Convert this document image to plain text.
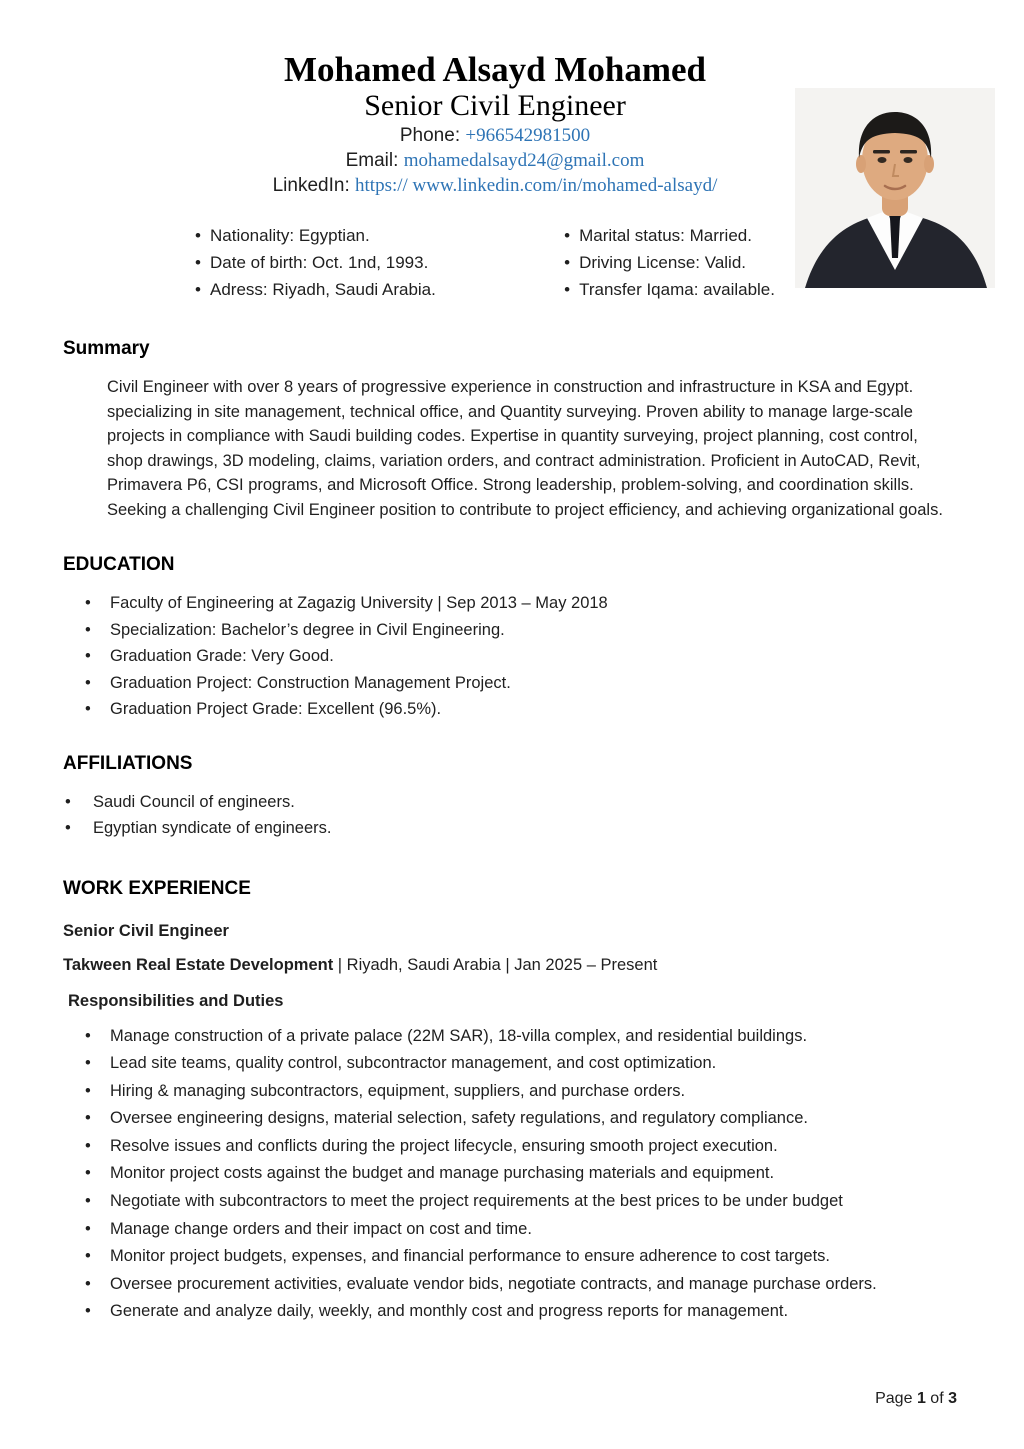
Mohamed Alsayd Mohamed
Senior Civil Engineer
Phone: +966542981500
Email: mohamedalsayd24@gmail.com
LinkedIn: https:// www.linkedin.com/in/mohamed-alsayd/
• Nationality: Egyptian.
• Date of birth: Oct. 1nd, 1993.
• Adress: Riyadh, Saudi Arabia.
• Marital status: Married.
• Driving License: Valid.
• Transfer Iqama: available.
Summary

Civil Engineer with over 8 years of progressive experience in construction and infrastructure in KSA and Egypt. specializing in site management, technical office, and Quantity surveying. Proven ability to manage large-scale projects in compliance with Saudi building codes. Expertise in quantity surveying, project planning, cost control, shop drawings, 3D modeling, claims, variation orders, and contract administration. Proficient in AutoCAD, Revit, Primavera P6, CSI programs, and Microsoft Office. Strong leadership, problem-solving, and coordination skills. Seeking a challenging Civil Engineer position to contribute to project efficiency, and achieving organizational goals.

EDUCATION
• Faculty of Engineering at Zagazig University | Sep 2013 – May 2018
• Specialization: Bachelor’s degree in Civil Engineering.
• Graduation Grade: Very Good.
• Graduation Project: Construction Management Project.
• Graduation Project Grade: Excellent (96.5%).
AFFILIATIONS
• Saudi Council of engineers.
• Egyptian syndicate of engineers.
WORK EXPERIENCE
Senior Civil Engineer
Takween Real Estate Development | Riyadh, Saudi Arabia | Jan 2025 – Present
Responsibilities and Duties
• Manage construction of a private palace (22M SAR), 18-villa complex, and residential buildings.
• Lead site teams, quality control, subcontractor management, and cost optimization.
• Hiring & managing subcontractors, equipment, suppliers, and purchase orders.
• Oversee engineering designs, material selection, safety regulations, and regulatory compliance.
• Resolve issues and conflicts during the project lifecycle, ensuring smooth project execution.
• Monitor project costs against the budget and manage purchasing materials and equipment.
• Negotiate with subcontractors to meet the project requirements at the best prices to be under budget
• Manage change orders and their impact on cost and time.
• Monitor project budgets, expenses, and financial performance to ensure adherence to cost targets.
• Oversee procurement activities, evaluate vendor bids, negotiate contracts, and manage purchase orders.
• Generate and analyze daily, weekly, and monthly cost and progress reports for management.
Page 1 of 3
